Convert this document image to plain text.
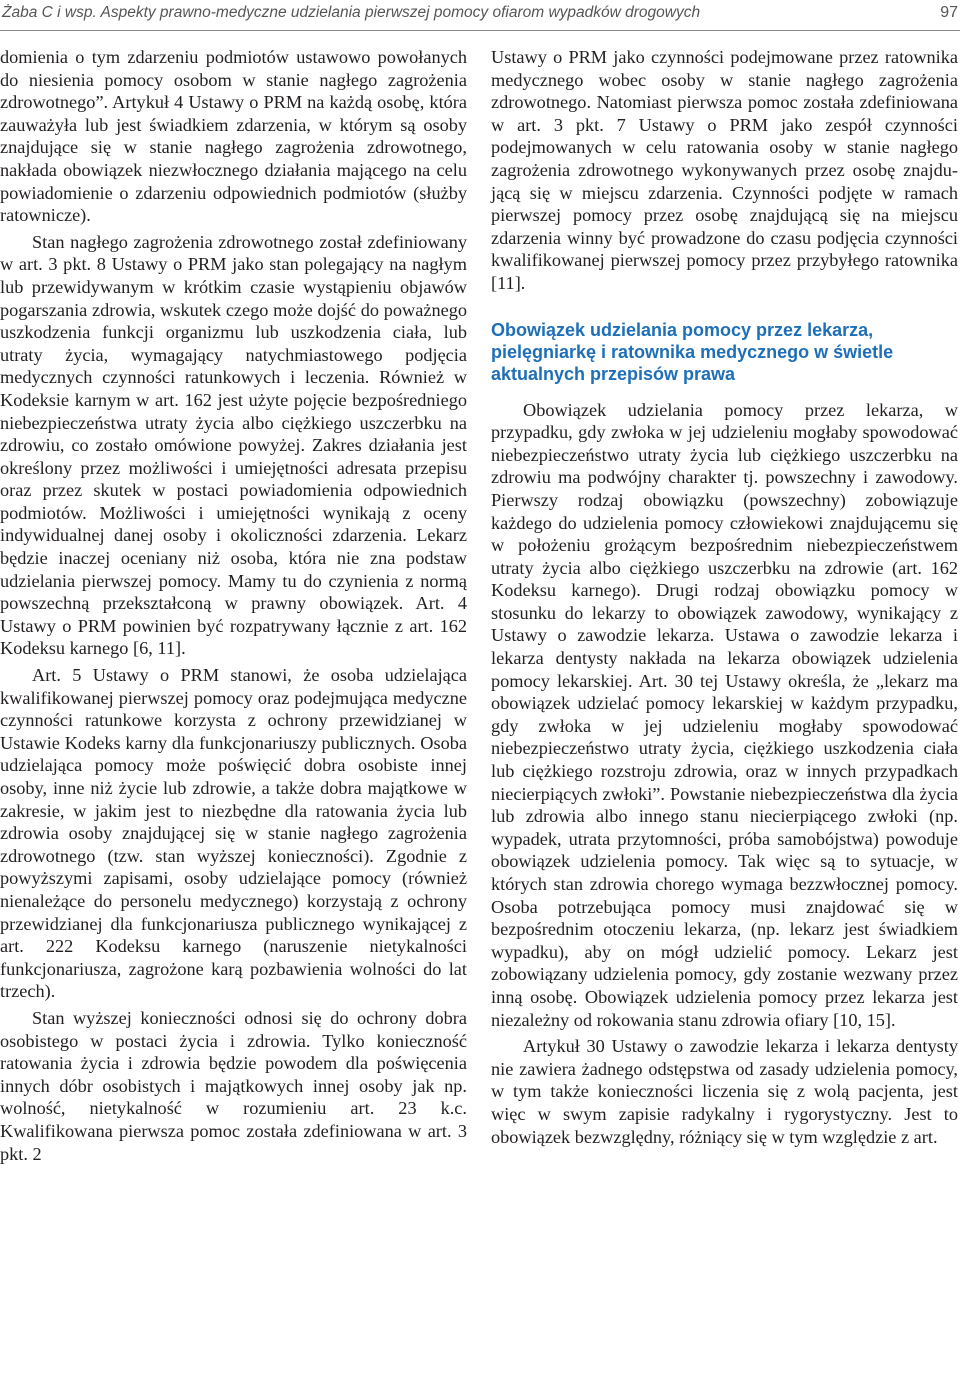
Żaba C i wsp. Aspekty prawno-medyczne udzielania pierwszej pomocy ofiarom wypadków drogowych	97

domienia o tym zdarzeniu podmiotów ustawowo powołanych do niesienia pomocy osobom w stanie nagłego zagrożenia zdrowotnego”. Artykuł 4 Ustawy o PRM na każdą osobę, która zauważyła lub jest świadkiem zdarzenia, w którym są osoby znajdujące się w stanie nagłego zagrożenia zdrowotnego, nakłada obowiązek niezwłocznego działania mającego na celu powiadomienie o zdarzeniu odpowiednich podmiotów (służby ratownicze).

Stan nagłego zagrożenia zdrowotnego został zdefiniowany w art. 3 pkt. 8 Ustawy o PRM jako stan polegający na nagłym lub przewidywanym w krótkim czasie wystąpieniu objawów pogarszania zdrowia, wskutek czego może dojść do poważnego uszkodzenia funkcji organizmu lub uszkodzenia ciała, lub utraty życia, wymagający natychmiastowego podjęcia medycznych czynności ratunkowych i leczenia. Również w Kodeksie karnym w art. 162 jest użyte pojęcie bezpośredniego niebezpieczeństwa utraty życia albo ciężkiego uszczerbku na zdrowiu, co zostało omówione powyżej. Zakres działania jest określony przez możliwości i umiejętności adresata przepisu oraz przez skutek w postaci powiadomienia odpowiednich podmiotów. Możliwości i umiejętności wynikają z oceny indywidualnej danej osoby i okoliczności zdarzenia. Lekarz będzie inaczej oceniany niż osoba, która nie zna podstaw udzielania pierwszej pomocy. Mamy tu do czynienia z normą powszechną przekształconą w prawny obowiązek. Art. 4 Ustawy o PRM powinien być rozpatrywany łącznie z art. 162 Kodeksu karnego [6, 11].

Art. 5 Ustawy o PRM stanowi, że osoba udzielająca kwalifikowanej pierwszej pomocy oraz podejmująca medyczne czynności ratunkowe korzysta z ochrony przewidzianej w Ustawie Kodeks karny dla funkcjonariuszy publicznych. Osoba udzielająca pomocy może poświęcić dobra osobiste innej osoby, inne niż życie lub zdrowie, a także dobra majątkowe w zakresie, w jakim jest to niezbędne dla ratowania życia lub zdrowia osoby znajdującej się w stanie nagłego zagrożenia zdrowotnego (tzw. stan wyższej konieczności). Zgodnie z powyższymi zapisami, osoby udzielające pomocy (również nienależące do personelu medycznego) korzystają z ochrony przewidzianej dla funkcjonariusza publicznego wynikającej z art. 222 Kodeksu karnego (naruszenie nietykalności funkcjonariusza, zagrożone karą pozbawienia wolności do lat trzech).

Stan wyższej konieczności odnosi się do ochrony dobra osobistego w postaci życia i zdrowia. Tylko konieczność ratowania życia i zdrowia będzie powodem dla poświęcenia innych dóbr osobistych i majątkowych innej osoby jak np. wolność, nietykalność w rozumieniu art. 23 k.c. Kwalifikowana pierwsza pomoc została zdefiniowana w art. 3 pkt. 2

Ustawy o PRM jako czynności podejmowane przez ratownika medycznego wobec osoby w stanie nagłego zagrożenia zdrowotnego. Natomiast pierwsza pomoc została zdefiniowana w art. 3 pkt. 7 Ustawy o PRM jako zespół czynności podejmowanych w celu ratowania osoby w stanie nagłego zagrożenia zdrowotnego wykonywanych przez osobę znajdującą się w miejscu zdarzenia. Czynności podjęte w ramach pierwszej pomocy przez osobę znajdującą się na miejscu zdarzenia winny być prowadzone do czasu podjęcia czynności kwalifikowanej pierwszej pomocy przez przybyłego ratownika [11].

Obowiązek udzielania pomocy przez lekarza, pielęgniarkę i ratownika medycznego w świetle aktualnych przepisów prawa

Obowiązek udzielania pomocy przez lekarza, w przypadku, gdy zwłoka w jej udzieleniu mogłaby spowodować niebezpieczeństwo utraty życia lub ciężkiego uszczerbku na zdrowiu ma podwójny charakter tj. powszechny i zawodowy. Pierwszy rodzaj obowiązku (powszechny) zobowiązuje każdego do udzielenia pomocy człowiekowi znajdującemu się w położeniu grożącym bezpośrednim niebezpieczeństwem utraty życia albo ciężkiego uszczerbku na zdrowie (art. 162 Kodeksu karnego). Drugi rodzaj obowiązku pomocy w stosunku do lekarzy to obowiązek zawodowy, wynikający z Ustawy o zawodzie lekarza. Ustawa o zawodzie lekarza i lekarza dentysty nakłada na lekarza obowiązek udzielenia pomocy lekarskiej. Art. 30 tej Ustawy określa, że „lekarz ma obowiązek udzielać pomocy lekarskiej w każdym przypadku, gdy zwłoka w jej udzieleniu mogłaby spowodować niebezpieczeństwo utraty życia, ciężkiego uszkodzenia ciała lub ciężkiego rozstroju zdrowia, oraz w innych przypadkach niecierpiących zwłoki”. Powstanie niebezpieczeństwa dla życia lub zdrowia albo innego stanu niecierpiącego zwłoki (np. wypadek, utrata przytomności, próba samobójstwa) powoduje obowiązek udzielenia pomocy. Tak więc są to sytuacje, w których stan zdrowia chorego wymaga bezzwłocznej pomocy. Osoba potrzebująca pomocy musi znajdować się w bezpośrednim otoczeniu lekarza, (np. lekarz jest świadkiem wypadku), aby on mógł udzielić pomocy. Lekarz jest zobowiązany udzielenia pomocy, gdy zostanie wezwany przez inną osobę. Obowiązek udzielenia pomocy przez lekarza jest niezależny od rokowania stanu zdrowia ofiary [10, 15].

Artykuł 30 Ustawy o zawodzie lekarza i lekarza dentysty nie zawiera żadnego odstępstwa od zasady udzielenia pomocy, w tym także konieczności liczenia się z wolą pacjenta, jest więc w swym zapisie radykalny i rygorystyczny. Jest to obowiązek bezwzględny, różniący się w tym względzie z art.
